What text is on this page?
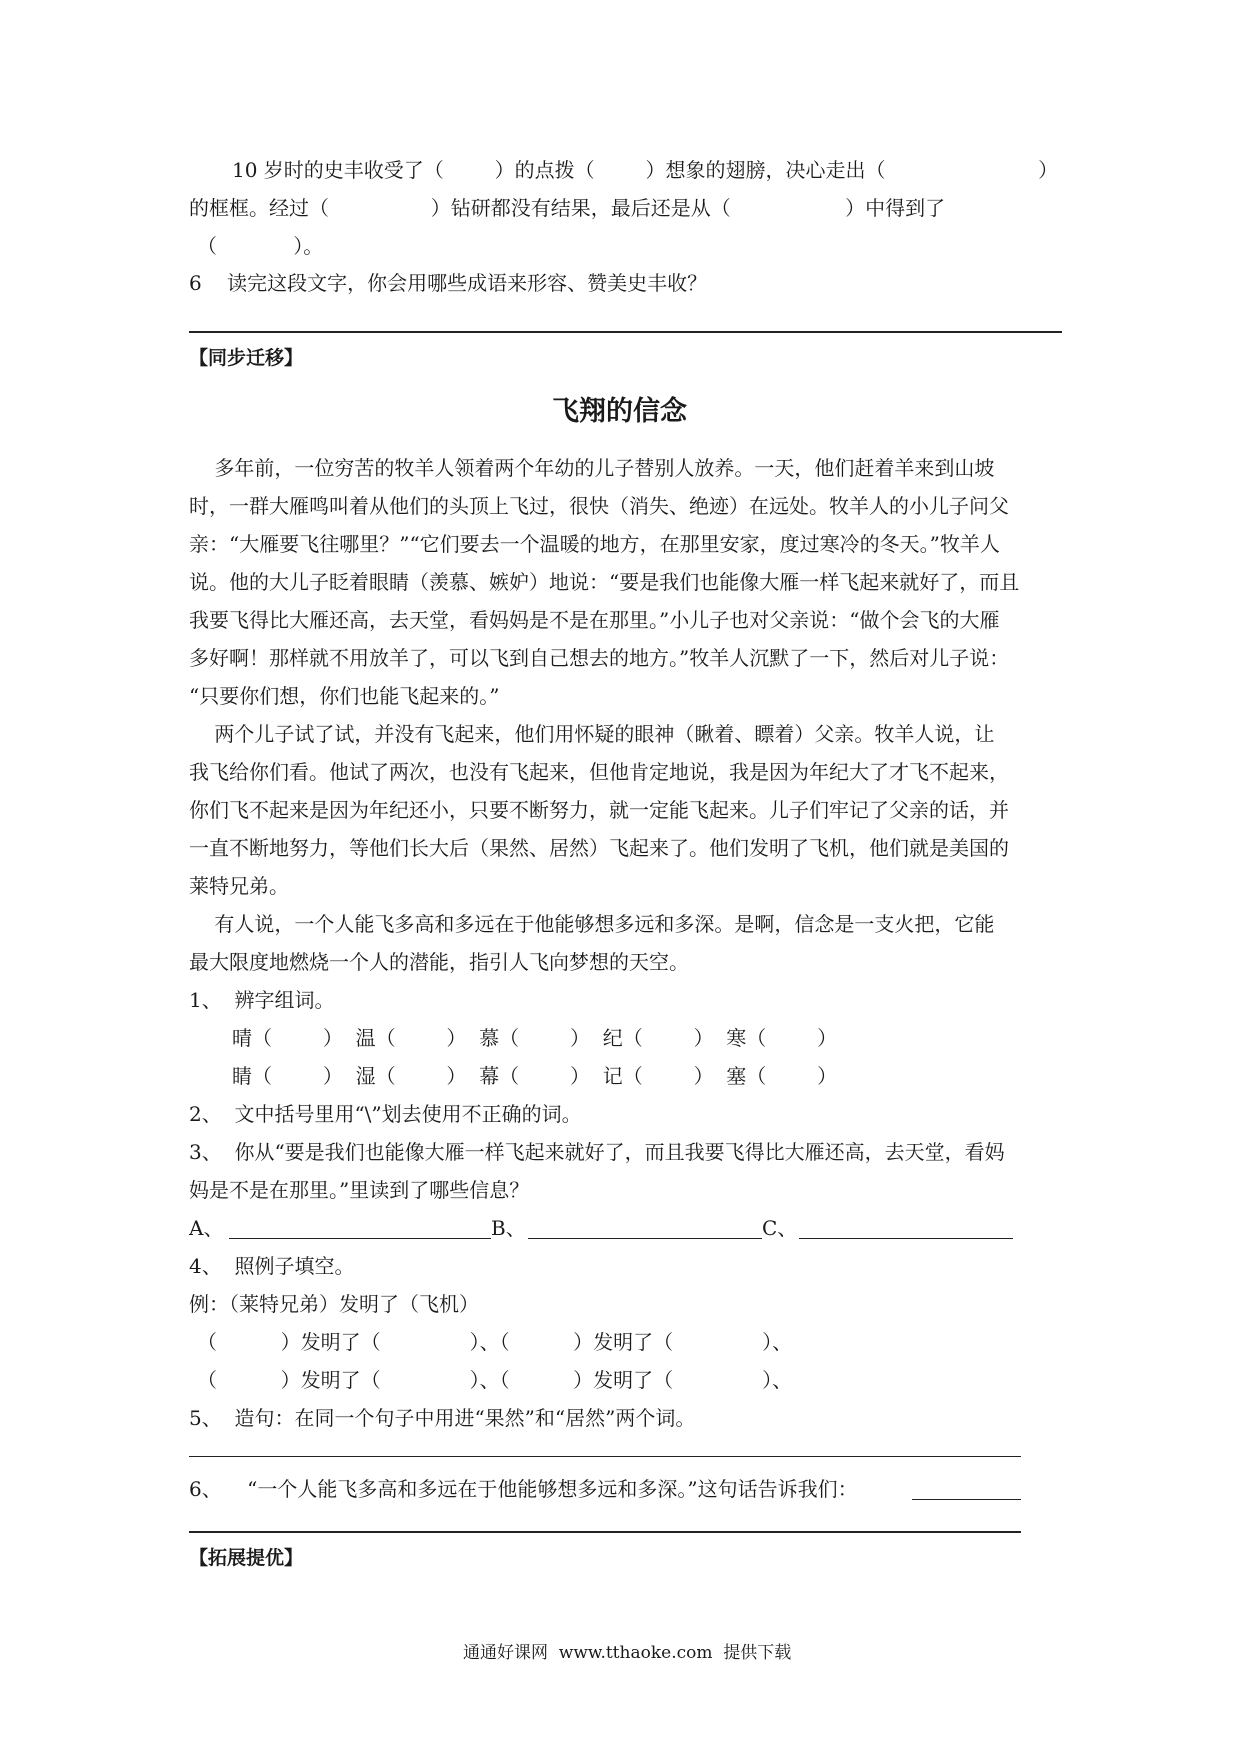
10 岁时的史丰收受了（        ）的点拨（        ）想象的翅膀，决心走出（                        ）
的框框。经过（                ）钻研都没有结果，最后还是从（                  ）中得到了
（            ）。
6    读完这段文字，你会用哪些成语来形容、赞美史丰收？
【同步迁移】
飞翔的信念
多年前，一位穷苦的牧羊人领着两个年幼的儿子替别人放养。一天，他们赶着羊来到山坡
时，一群大雁鸣叫着从他们的头顶上飞过，很快（消失、绝迹）在远处。牧羊人的小儿子问父
亲：“大雁要飞往哪里？”“它们要去一个温暖的地方，在那里安家，度过寒冷的冬天。”牧羊人
说。他的大儿子眨着眼睛（羡慕、嫉妒）地说：“要是我们也能像大雁一样飞起来就好了，而且
我要飞得比大雁还高，去天堂，看妈妈是不是在那里。”小儿子也对父亲说：“做个会飞的大雁
多好啊！那样就不用放羊了，可以飞到自己想去的地方。”牧羊人沉默了一下，然后对儿子说：
“只要你们想，你们也能飞起来的。”
两个儿子试了试，并没有飞起来，他们用怀疑的眼神（瞅着、瞟着）父亲。牧羊人说，让
我飞给你们看。他试了两次，也没有飞起来，但他肯定地说，我是因为年纪大了才飞不起来，
你们飞不起来是因为年纪还小，只要不断努力，就一定能飞起来。儿子们牢记了父亲的话，并
一直不断地努力，等他们长大后（果然、居然）飞起来了。他们发明了飞机，他们就是美国的
莱特兄弟。
有人说，一个人能飞多高和多远在于他能够想多远和多深。是啊，信念是一支火把，它能
最大限度地燃烧一个人的潜能，指引人飞向梦想的天空。
1、  辨字组词。
晴（        ）  温（        ）  慕（        ）  纪（        ）  寒（        ）
睛（        ）  湿（        ）  幕（        ）  记（        ）  塞（        ）
2、  文中括号里用“\”划去使用不正确的词。
3、  你从“要是我们也能像大雁一样飞起来就好了，而且我要飞得比大雁还高，去天堂，看妈
妈是不是在那里。”里读到了哪些信息？
A、	B、	C、
4、  照例子填空。
例：（莱特兄弟）发明了（飞机）
（          ）发明了（              ）、（          ）发明了（              ）、
（          ）发明了（              ）、（          ）发明了（              ）、
5、  造句：在同一个句子中用进“果然”和“居然”两个词。
6、    “一个人能飞多高和多远在于他能够想多远和多深。”这句话告诉我们：
【拓展提优】
通通好课网  www.tthaoke.com  提供下载
